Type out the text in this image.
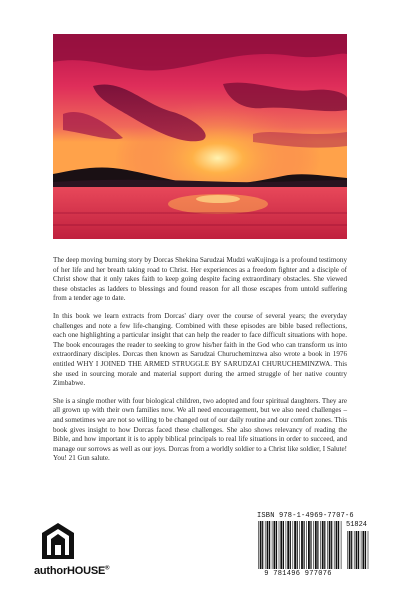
The deep moving burning story by Dorcas Shekina Sarudzai Mudzi waKujinga is a profound testimony of her life and her breath taking road to Christ. Her experiences as a freedom fighter and a disciple of Christ show that it only takes faith to keep going despite facing extraordinary obstacles. She viewed these obstacles as ladders to blessings and found reason for all those escapes from untold suffering from a tender age to date.

In this book we learn extracts from Dorcas' diary over the course of several years; the everyday challenges and note a few life-changing. Combined with these episodes are bible based reflections, each one highlighting a particular insight that can help the reader to face difficult situations with hope. The book encourages the reader to seeking to grow his/her faith in the God who can transform us into extraordinary disciples. Dorcas then known as Sarudzai Churucheminzwa also wrote a book in 1976 entitled WHY I JOINED THE ARMED STRUGGLE BY SARUDZAI CHURUCHEMINZWA. This she used in sourcing morale and material support during the armed struggle of her native country Zimbabwe.

She is a single mother with four biological children, two adopted and four spiritual daughters. They are all grown up with their own families now. We all need encouragement, but we also need challenges – and sometimes we are not so willing to be changed out of our daily routine and our comfort zones. This book gives insight to how Dorcas faced these challenges. She also shows relevancy of reading the Bible, and how important it is to apply biblical principals to real life situations in order to succeed, and manage our sorrows as well as our joys. Dorcas from a worldly soldier to a Christ like soldier, I Salute! You! 21 Gun salute.

authorHOUSE®
ISBN 978-1-4969-7707-6
51824
9 781496 977076
